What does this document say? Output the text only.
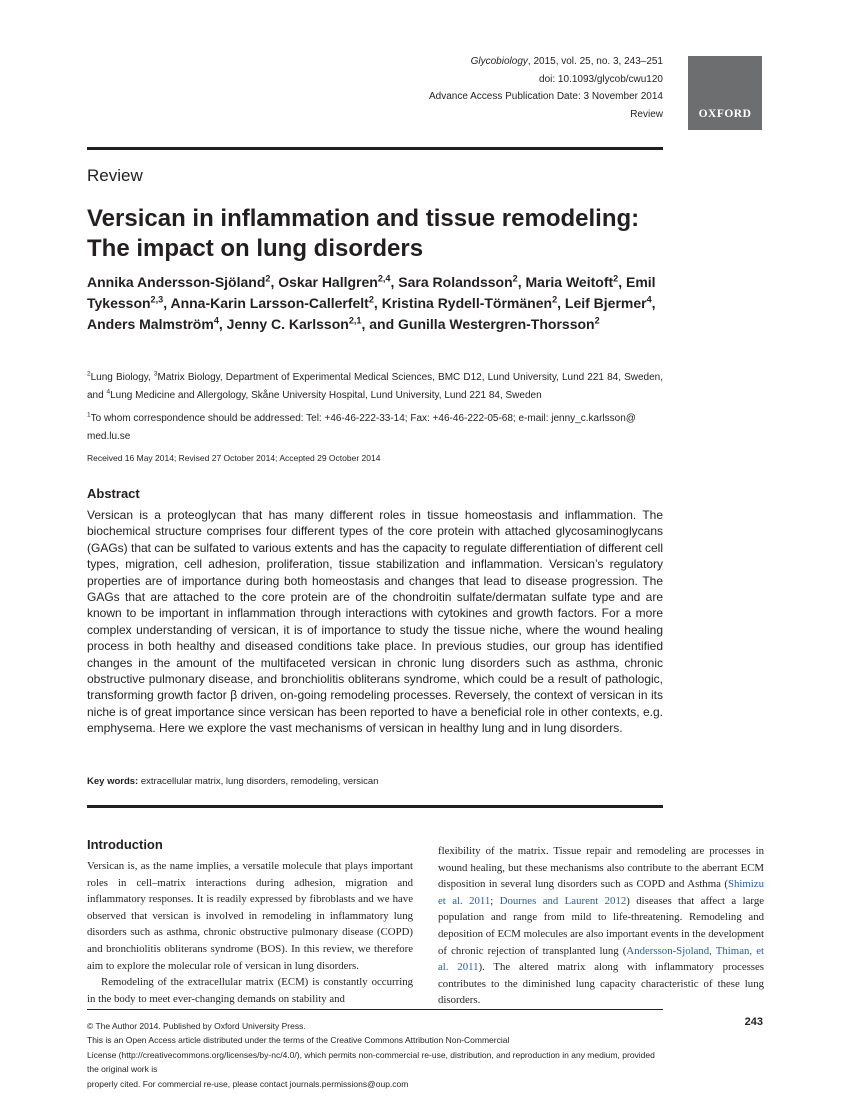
Glycobiology, 2015, vol. 25, no. 3, 243–251
doi: 10.1093/glycob/cwu120
Advance Access Publication Date: 3 November 2014
Review	OXFORD
Review
Versican in inflammation and tissue remodeling:
The impact on lung disorders
Annika Andersson-Sjöland$^2$, Oskar Hallgren$^{2,4}$, Sara Rolandsson$^2$, Maria Weitoft$^2$, Emil Tykesson$^{2,3}$, Anna-Karin Larsson-Callerfelt$^2$, Kristina Rydell-Törmänen$^2$, Leif Bjermer$^4$, Anders Malmström$^4$, Jenny C. Karlsson$^{2,1}$, and Gunilla Westergren-Thorsson$^2$
$^2$Lung Biology, $^3$Matrix Biology, Department of Experimental Medical Sciences, BMC D12, Lund University, Lund 221 84, Sweden, and $^4$Lung Medicine and Allergology, Skåne University Hospital, Lund University, Lund 221 84, Sweden
$^1$To whom correspondence should be addressed: Tel: +46-46-222-33-14; Fax: +46-46-222-05-68; e-mail: jenny_c.karlsson@ med.lu.se
Received 16 May 2014; Revised 27 October 2014; Accepted 29 October 2014
Abstract
Versican is a proteoglycan that has many different roles in tissue homeostasis and inflammation. The biochemical structure comprises four different types of the core protein with attached glycosaminoglycans (GAGs) that can be sulfated to various extents and has the capacity to regulate differentiation of different cell types, migration, cell adhesion, proliferation, tissue stabilization and inflammation. Versican’s regulatory properties are of importance during both homeostasis and changes that lead to disease progression. The GAGs that are attached to the core protein are of the chondroitin sulfate/dermatan sulfate type and are known to be important in inflammation through interactions with cytokines and growth factors. For a more complex understanding of versican, it is of importance to study the tissue niche, where the wound healing process in both healthy and diseased conditions take place. In previous studies, our group has identified changes in the amount of the multifaceted versican in chronic lung disorders such as asthma, chronic obstructive pulmonary disease, and bronchiolitis obliterans syndrome, which could be a result of pathologic, transforming growth factor β driven, on-going remodeling processes. Reversely, the context of versican in its niche is of great importance since versican has been reported to have a beneficial role in other contexts, e.g. emphysema. Here we explore the vast mechanisms of versican in healthy lung and in lung disorders.
Key words: extracellular matrix, lung disorders, remodeling, versican
Introduction

Versican is, as the name implies, a versatile molecule that plays important roles in cell–matrix interactions during adhesion, migration and inflammatory responses. It is readily expressed by fibroblasts and we have observed that versican is involved in remodeling in inflammatory lung disorders such as asthma, chronic obstructive pulmonary disease (COPD) and bronchiolitis obliterans syndrome (BOS). In this review, we therefore aim to explore the molecular role of versican in lung disorders.

Remodeling of the extracellular matrix (ECM) is constantly occurring in the body to meet ever-changing demands on stability and

flexibility of the matrix. Tissue repair and remodeling are processes in wound healing, but these mechanisms also contribute to the aberrant ECM disposition in several lung disorders such as COPD and Asthma (Shimizu et al. 2011; Dournes and Laurent 2012) diseases that affect a large population and range from mild to life-threatening. Remodeling and deposition of ECM molecules are also important events in the development of chronic rejection of transplanted lung (Andersson-Sjoland, Thiman, et al. 2011). The altered matrix along with inflammatory processes contributes to the diminished lung capacity characteristic of these lung disorders.

© The Author 2014. Published by Oxford University Press.
This is an Open Access article distributed under the terms of the Creative Commons Attribution Non-Commercial
License (http://creativecommons.org/licenses/by-nc/4.0/), which permits non-commercial re-use, distribution, and reproduction in any medium, provided the original work is
properly cited. For commercial re-use, please contact journals.permissions@oup.com
243
